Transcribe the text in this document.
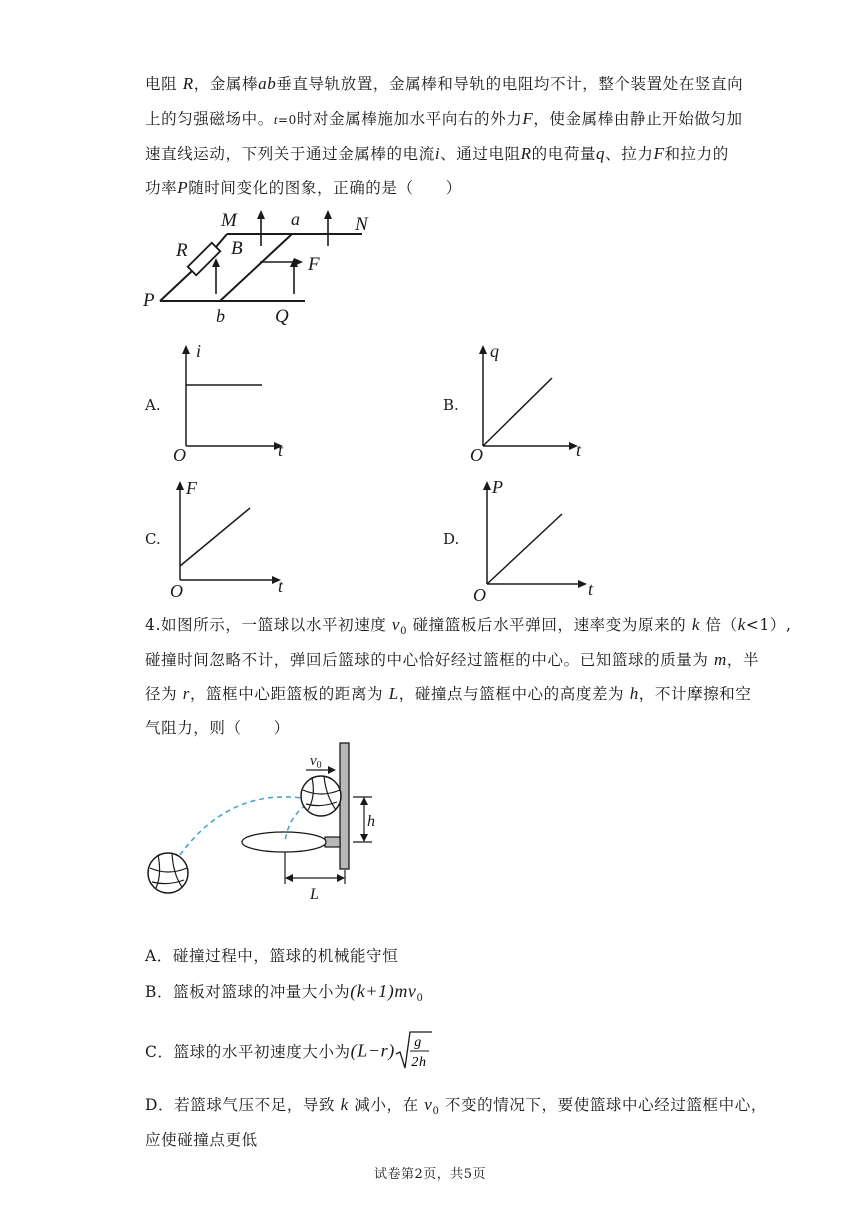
电阻 R，金属棒ab垂直导轨放置，金属棒和导轨的电阻均不计，整个装置处在竖直向
上的匀强磁场中。t=0时对金属棒施加水平向右的外力F，使金属棒由静止开始做匀加
速直线运动，下列关于通过金属棒的电流i、通过电阻R的电荷量q、拉力F和拉力的
功率P随时间变化的图象，正确的是（　　）
M	a	N
R B
F
P
b	Q
A.
i
t
O
B.
q
t
O
C.
F
t
O
D.
P
t
O
4.如图所示，一篮球以水平初速度 $v_0$ 碰撞篮板后水平弹回，速率变为原来的 k 倍（k<1）,
碰撞时间忽略不计，弹回后篮球的中心恰好经过篮框的中心。已知篮球的质量为 m，半
径为 r，篮框中心距篮板的距离为 L，碰撞点与篮框中心的高度差为 h，不计摩擦和空
气阻力，则（　　）
$v_0$
h
L
A．碰撞过程中，篮球的机械能守恒
B．篮板对篮球的冲量大小为$(k+1)mv_0$
C．篮球的水平初速度大小为(L−r) g
2h
D．若篮球气压不足，导致 k 减小，在 $v_0$ 不变的情况下，要使篮球中心经过篮框中心，
应使碰撞点更低
试卷第2页，共5页
